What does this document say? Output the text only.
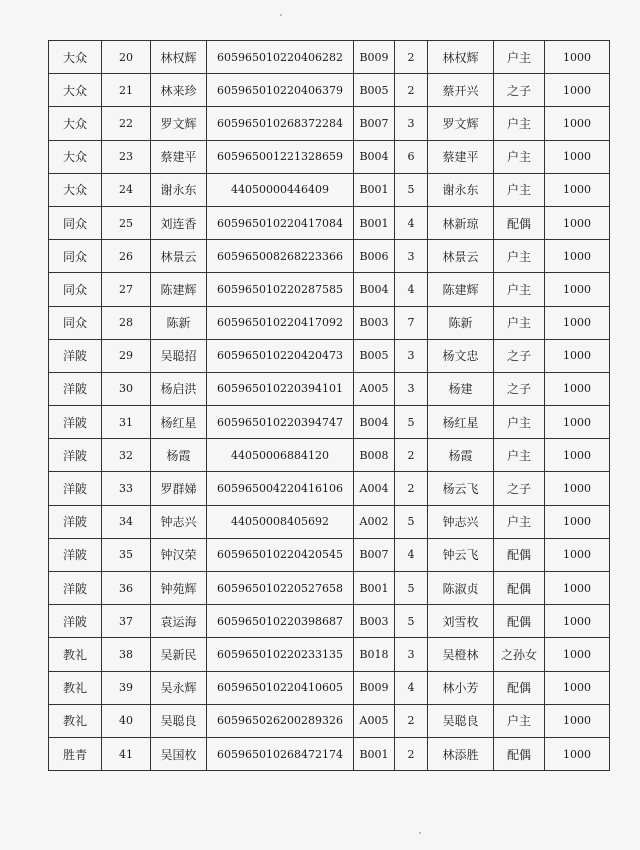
大众	20	林权辉	605965010220406282	B009	2	林权辉	户主	1000
大众	21	林来珍	605965010220406379	B005	2	蔡开兴	之子	1000
大众	22	罗文辉	605965010268372284	B007	3	罗文辉	户主	1000
大众	23	蔡建平	605965001221328659	B004	6	蔡建平	户主	1000
大众	24	谢永东	44050000446409	B001	5	谢永东	户主	1000
同众	25	刘连香	605965010220417084	B001	4	林新琼	配偶	1000
同众	26	林景云	605965008268223366	B006	3	林景云	户主	1000
同众	27	陈建辉	605965010220287585	B004	4	陈建辉	户主	1000
同众	28	陈新	605965010220417092	B003	7	陈新	户主	1000
洋陂	29	吴聪招	605965010220420473	B005	3	杨文忠	之子	1000
洋陂	30	杨启洪	605965010220394101	A005	3	杨建	之子	1000
洋陂	31	杨红星	605965010220394747	B004	5	杨红星	户主	1000
洋陂	32	杨霞	44050006884120	B008	2	杨霞	户主	1000
洋陂	33	罗群娣	605965004220416106	A004	2	杨云飞	之子	1000
洋陂	34	钟志兴	44050008405692	A002	5	钟志兴	户主	1000
洋陂	35	钟汉荣	605965010220420545	B007	4	钟云飞	配偶	1000
洋陂	36	钟苑辉	605965010220527658	B001	5	陈淑贞	配偶	1000
洋陂	37	袁运海	605965010220398687	B003	5	刘雪枚	配偶	1000
教礼	38	吴新民	605965010220233135	B018	3	吴橙林	之孙女	1000
教礼	39	吴永辉	605965010220410605	B009	4	林小芳	配偶	1000
教礼	40	吴聪良	605965026200289326	A005	2	吴聪良	户主	1000
胜青	41	吴国枚	605965010268472174	B001	2	林添胜	配偶	1000
